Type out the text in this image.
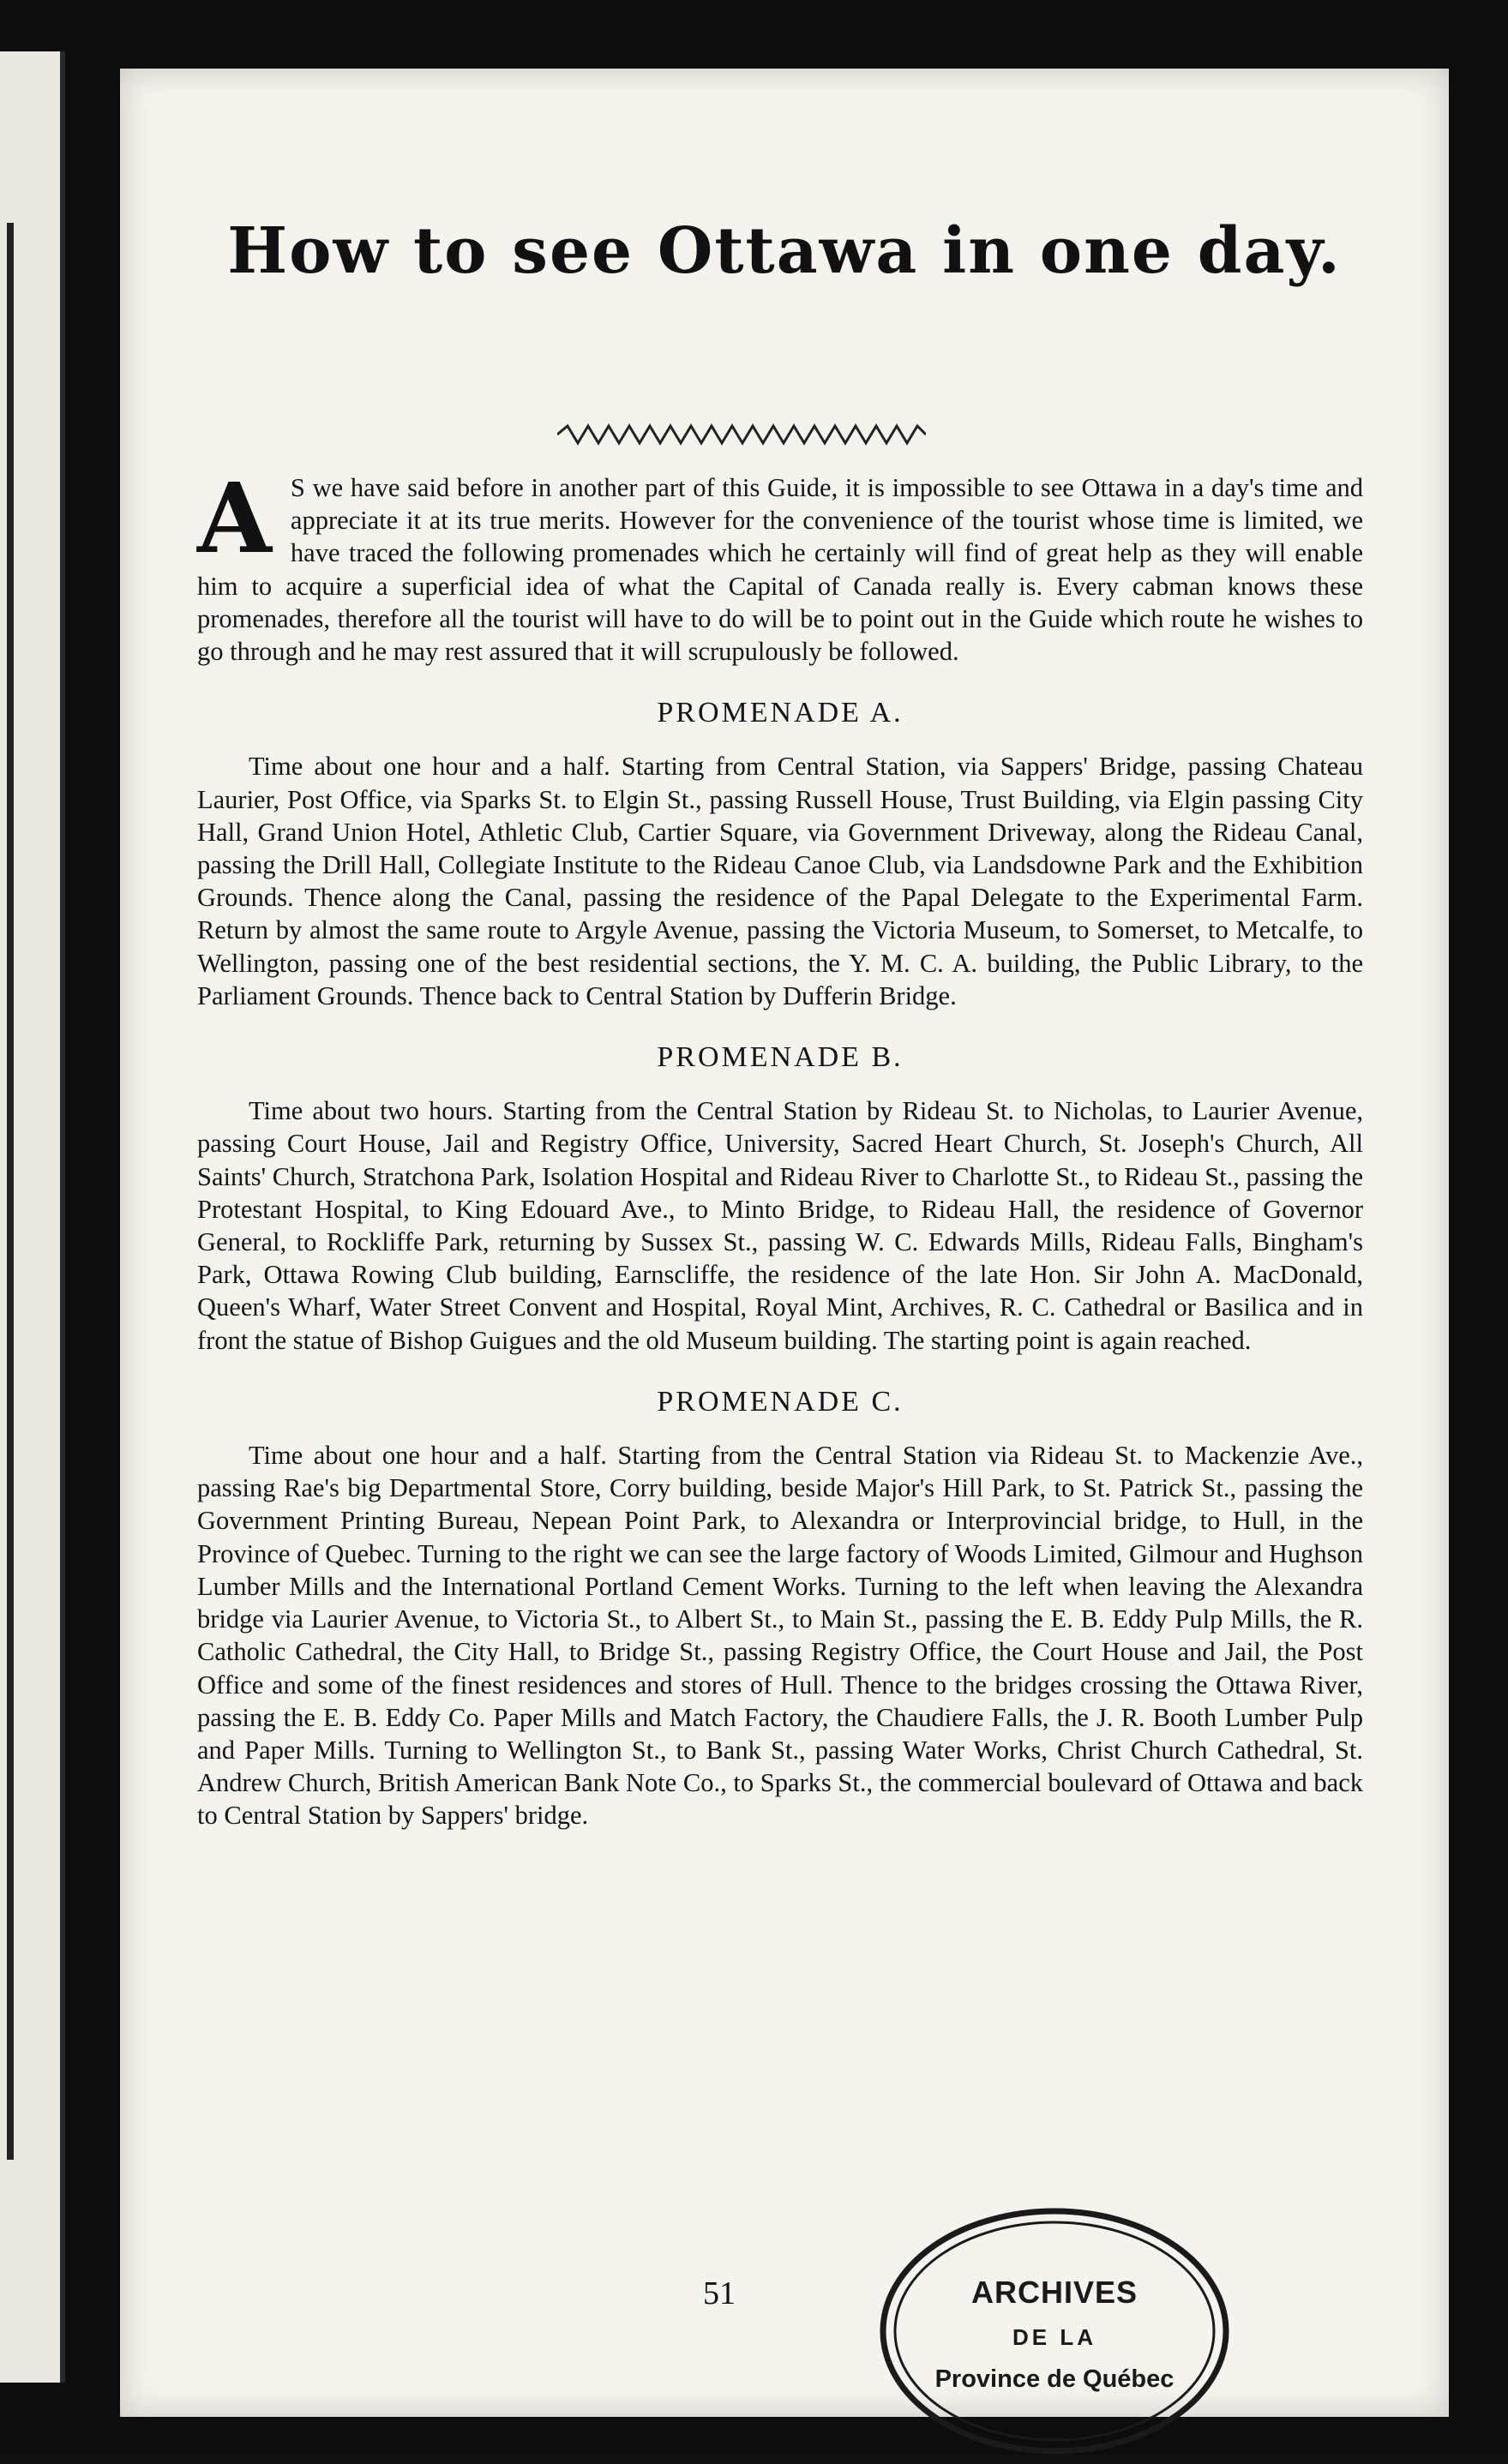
How to see Ottawa in one day.

A S we have said before in another part of this Guide, it is impossible to see Ottawa in a day's time and appreciate it at its true merits. However for the convenience of the tourist whose time is limited, we have traced the following promenades which he certainly will find of great help as they will enable him to acquire a superficial idea of what the Capital of Canada really is. Every cabman knows these promenades, therefore all the tourist will have to do will be to point out in the Guide which route he wishes to go through and he may rest assured that it will scrupulously be followed.

PROMENADE A.

Time about one hour and a half. Starting from Central Station, via Sappers' Bridge, passing Chateau Laurier, Post Office, via Sparks St. to Elgin St., passing Russell House, Trust Building, via Elgin passing City Hall, Grand Union Hotel, Athletic Club, Cartier Square, via Government Driveway, along the Rideau Canal, passing the Drill Hall, Collegiate Institute to the Rideau Canoe Club, via Landsdowne Park and the Exhibition Grounds. Thence along the Canal, passing the residence of the Papal Delegate to the Experimental Farm. Return by almost the same route to Argyle Avenue, passing the Victoria Museum, to Somerset, to Metcalfe, to Wellington, passing one of the best residential sections, the Y. M. C. A. building, the Public Library, to the Parliament Grounds. Thence back to Central Station by Dufferin Bridge.

PROMENADE B.

Time about two hours. Starting from the Central Station by Rideau St. to Nicholas, to Laurier Avenue, passing Court House, Jail and Registry Office, University, Sacred Heart Church, St. Joseph's Church, All Saints' Church, Stratchona Park, Isolation Hospital and Rideau River to Charlotte St., to Rideau St., passing the Protestant Hospital, to King Edouard Ave., to Minto Bridge, to Rideau Hall, the residence of Governor General, to Rockliffe Park, returning by Sussex St., passing W. C. Edwards Mills, Rideau Falls, Bingham's Park, Ottawa Rowing Club building, Earnscliffe, the residence of the late Hon. Sir John A. MacDonald, Queen's Wharf, Water Street Convent and Hospital, Royal Mint, Archives, R. C. Cathedral or Basilica and in front the statue of Bishop Guigues and the old Museum building. The starting point is again reached.

PROMENADE C.

Time about one hour and a half. Starting from the Central Station via Rideau St. to Mackenzie Ave., passing Rae's big Departmental Store, Corry building, beside Major's Hill Park, to St. Patrick St., passing the Government Printing Bureau, Nepean Point Park, to Alexandra or Interprovincial bridge, to Hull, in the Province of Quebec. Turning to the right we can see the large factory of Woods Limited, Gilmour and Hughson Lumber Mills and the International Portland Cement Works. Turning to the left when leaving the Alexandra bridge via Laurier Avenue, to Victoria St., to Albert St., to Main St., passing the E. B. Eddy Pulp Mills, the R. Catholic Cathedral, the City Hall, to Bridge St., passing Registry Office, the Court House and Jail, the Post Office and some of the finest residences and stores of Hull. Thence to the bridges crossing the Ottawa River, passing the E. B. Eddy Co. Paper Mills and Match Factory, the Chaudiere Falls, the J. R. Booth Lumber Pulp and Paper Mills. Turning to Wellington St., to Bank St., passing Water Works, Christ Church Cathedral, St. Andrew Church, British American Bank Note Co., to Sparks St., the commercial boulevard of Ottawa and back to Central Station by Sappers' bridge.

51	ARCHIVES
DE LA
Province de Québec
